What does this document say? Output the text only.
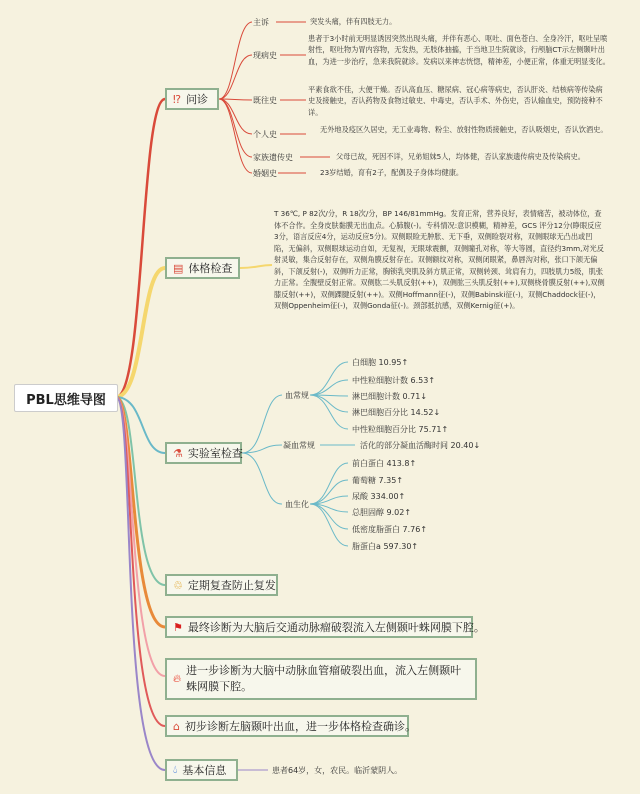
PBL思维导图
⁉ 问诊
主诉	突发头痛，伴有四肢无力。
现病史
患者于3小时前无明显诱因突然出现头痛，并伴有恶心、呕吐、面色苍白、全身冷汗，呕吐呈喷射性，呕吐物为胃内容物，无发热，无肢体抽搐，于当地卫生院就诊，行颅脑CT示左侧颞叶出血，为进一步治疗，急来我院就诊。发病以来神志恍惚，精神差，小便正常，体重无明显变化。
既往史
平素食欲不佳，大便干燥。否认高血压、糖尿病、冠心病等病史，否认肝炎、结核病等传染病史及接触史，否认药物及食物过敏史、中毒史，否认手术、外伤史，否认输血史，预防接种不详。
个人史
无外地及疫区久居史，无工业毒物、粉尘、放射性物质接触史，否认吸烟史，否认饮酒史。
家族遗传史	父母已故，死因不详，兄弟姐妹5人，均体健，否认家族遗传病史及传染病史。
婚姻史	23岁结婚，育有2子，配偶及子身体均健康。
▤ 体格检查
T 36℃, P 82次/分，R 18次/分，BP 146/81mmHg。发育正常，营养良好，表情痛苦，被动体位，查体不合作。全身皮肤黏膜无出血点。心肺腹(-)。专科情况:意识模糊，精神差，GCS 评分12分(睁眼反应3分，语言反应4分，运动反应5分)。双侧眼睑无肿胀、无下垂，双侧睑裂对称，双侧眼球无凸出或凹陷，无偏斜，双侧眼球运动自如，无复视，无眼球震颤，双侧瞳孔对称，等大等圆，直径约3mm,对光反射灵敏，集合反射存在，双侧角膜反射存在。双侧额纹对称，双侧闭眼紧，鼻唇沟对称，张口下颌无偏斜，下颌反射(-)，双侧听力正常，胸锁乳突肌及斜方肌正常，双侧转颈、耸肩有力，四肢肌力5级，肌张力正常。全腹壁反射正常。双侧肱二头肌反射(++)，双侧肱三头肌反射(++),双侧桡骨膜反射(++),双侧膝反射(++)，双侧踝腱反射(++)。双侧Hoffmann征(-)，双侧Babinski征(-)，双侧Chaddock征(-)，双侧Oppenheim征(-)，双侧Gonda征(-)。颈部抵抗感，双侧Kernig征(+)。
⚗ 实验室检查
血常规
白细胞 10.95↑
中性粒细胞计数 6.53↑
淋巴细胞计数 0.71↓
淋巴细胞百分比 14.52↓
中性粒细胞百分比 75.71↑
凝血常规	活化的部分凝血活酶时间 20.40↓
血生化
前白蛋白 413.8↑
葡萄糖 7.35↑
尿酸 334.00↑
总胆固醇 9.02↑
低密度脂蛋白 7.76↑
脂蛋白a 597.30↑
♲ 定期复查防止复发
⚑ 最终诊断为大脑后交通动脉瘤破裂流入左侧颞叶蛛网膜下腔。
🔥︎
进一步诊断为大脑中动脉血管瘤破裂出血，流入左侧颞叶蛛网膜下腔。
⌂ 初步诊断左脑颞叶出血，进一步体格检查确诊。
💧︎ 基本信息	患者64岁，女，农民。临沂蒙阴人。
